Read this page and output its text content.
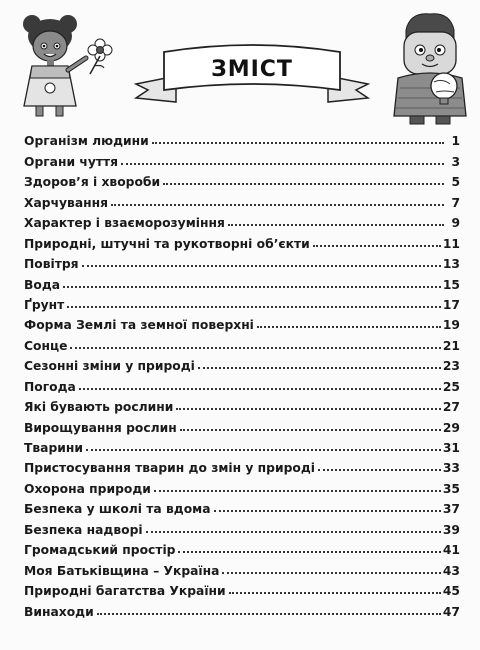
ЗМІСТ
Організм людини	1
Органи чуття	3
Здоров’я і хвороби	5
Харчування	7
Характер і взаєморозуміння	9
Природні, штучні та рукотворні об’єкти	11
Повітря	13
Вода	15
Ґрунт	17
Форма Землі та земної поверхні	19
Сонце	21
Сезонні зміни у природі	23
Погода	25
Які бувають рослини	27
Вирощування рослин	29
Тварини	31
Пристосування тварин до змін у природі	33
Охорона природи	35
Безпека у школі та вдома	37
Безпека надворі	39
Громадський простір	41
Моя Батьківщина – Україна	43
Природні багатства України	45
Винаходи	47
